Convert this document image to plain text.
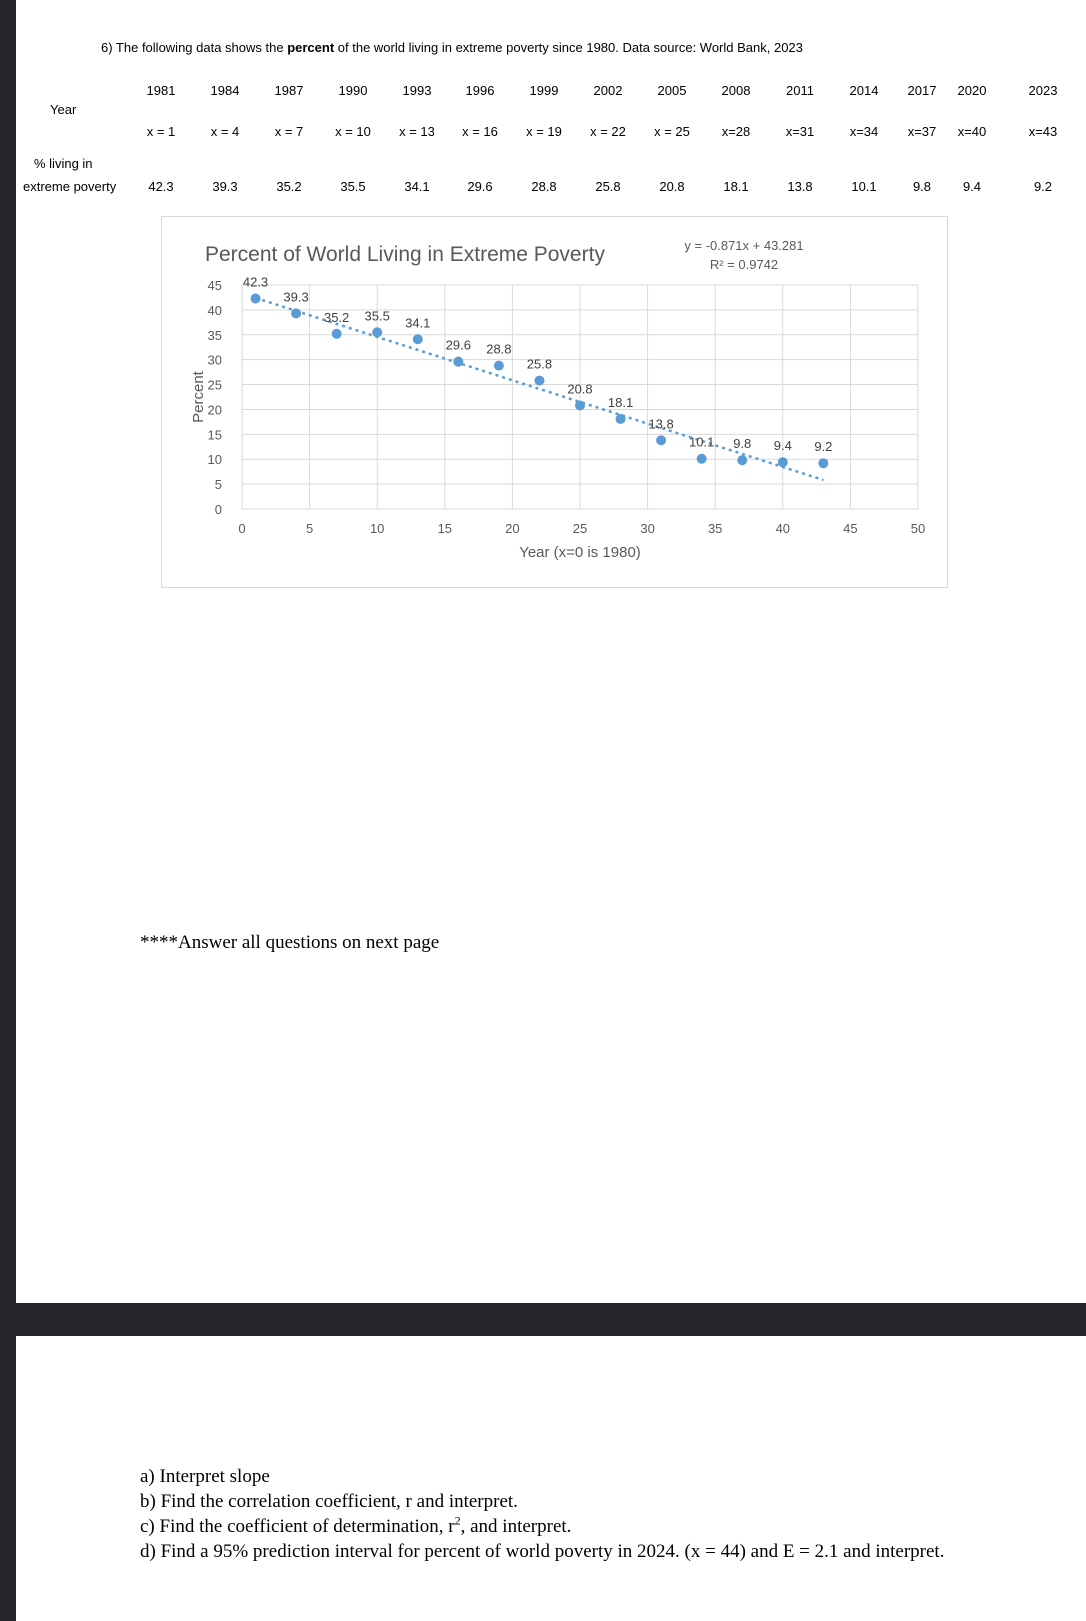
6) The following data shows the percent of the world living in extreme poverty since 1980. Data source: World Bank, 2023
Year
% living in
extreme poverty
1981	1984	1987	1990	1993	1996	1999	2002	2005	2008	2011	2014	2017	2020	2023
x = 1	x = 4	x = 7	x = 10	x = 13	x = 16	x = 19	x = 22	x = 25	x=28	x=31	x=34	x=37	x=40	x=43
42.3	39.3	35.2	35.5	34.1	29.6	28.8	25.8	20.8	18.1	13.8	10.1	9.8	9.4	9.2
0
5
10
15
20
25
30
35
40
45
0	5	10	15	20	25	30	35	40	45	50
Percent of World Living in Extreme Poverty
Year (x=0 is 1980)
Percent
y = -0.871x + 43.281
R² = 0.9742
42.3
39.3
35.2 35.5 34.1
29.6 28.8
25.8
20.8
18.1
13.8
10.1 9.8 9.4 9.2
****Answer all questions on next page
a) Interpret slope
b) Find the correlation coefficient, r and interpret.
c) Find the coefficient of determination, $r^2$, and interpret.
d) Find a 95% prediction interval for percent of world poverty in 2024. (x = 44) and E = 2.1 and interpret.
